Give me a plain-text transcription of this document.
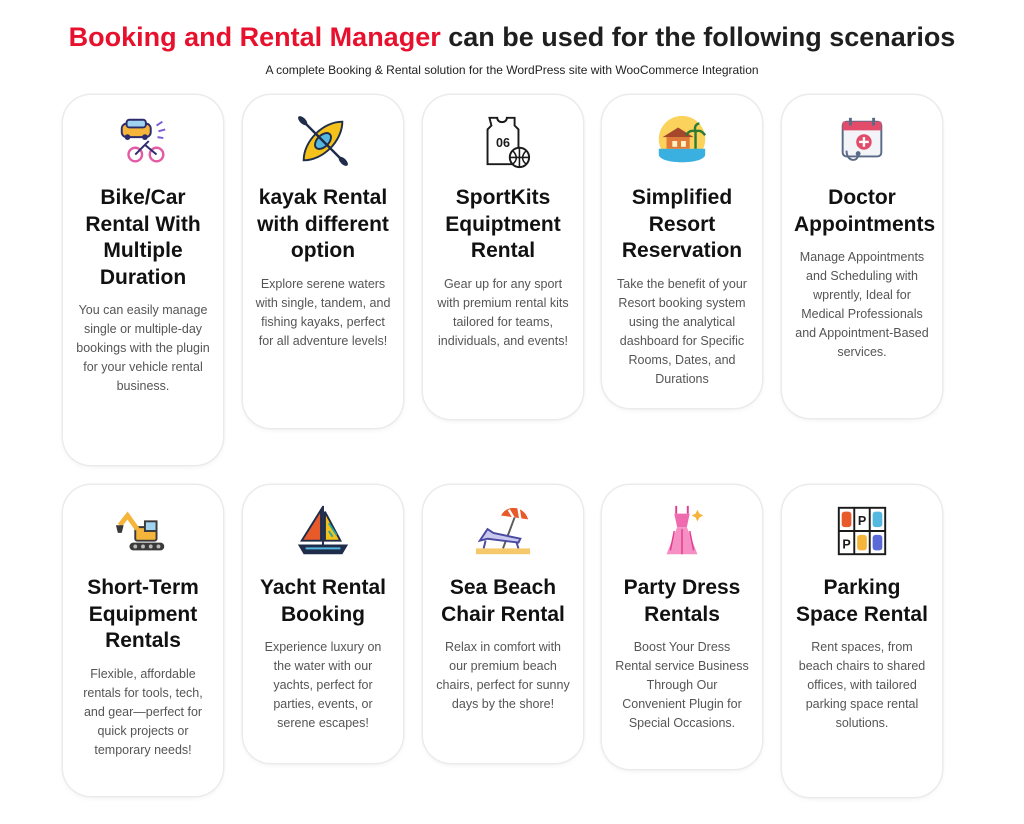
Booking and Rental Manager can be used for the following scenarios
A complete Booking & Rental solution for the WordPress site with WooCommerce Integration
Bike/Car Rental With Multiple Duration

You can easily manage single or multiple-day bookings with the plugin for your vehicle rental business.

kayak Rental with different option

Explore serene waters with single, tandem, and fishing kayaks, perfect for all adventure levels!

06
SportKits Equiptment Rental

Gear up for any sport with premium rental kits tailored for teams, individuals, and events!

Simplified Resort Reservation

Take the benefit of your Resort booking system using the analytical dashboard for Specific Rooms, Dates, and Durations

Doctor Appointments

Manage Appointments and Scheduling with wprently, Ideal for Medical Professionals and Appointment-Based services.

Short-Term Equipment Rentals

Flexible, affordable rentals for tools, tech, and gear—perfect for quick projects or temporary needs!

Yacht Rental Booking

Experience luxury on the water with our yachts, perfect for parties, events, or serene escapes!

Sea Beach Chair Rental

Relax in comfort with our premium beach chairs, perfect for sunny days by the shore!

Party Dress Rentals

Boost Your Dress Rental service Business Through Our Convenient Plugin for Special Occasions.

P
P
Parking Space Rental

Rent spaces, from beach chairs to shared offices, with tailored parking space rental solutions.
